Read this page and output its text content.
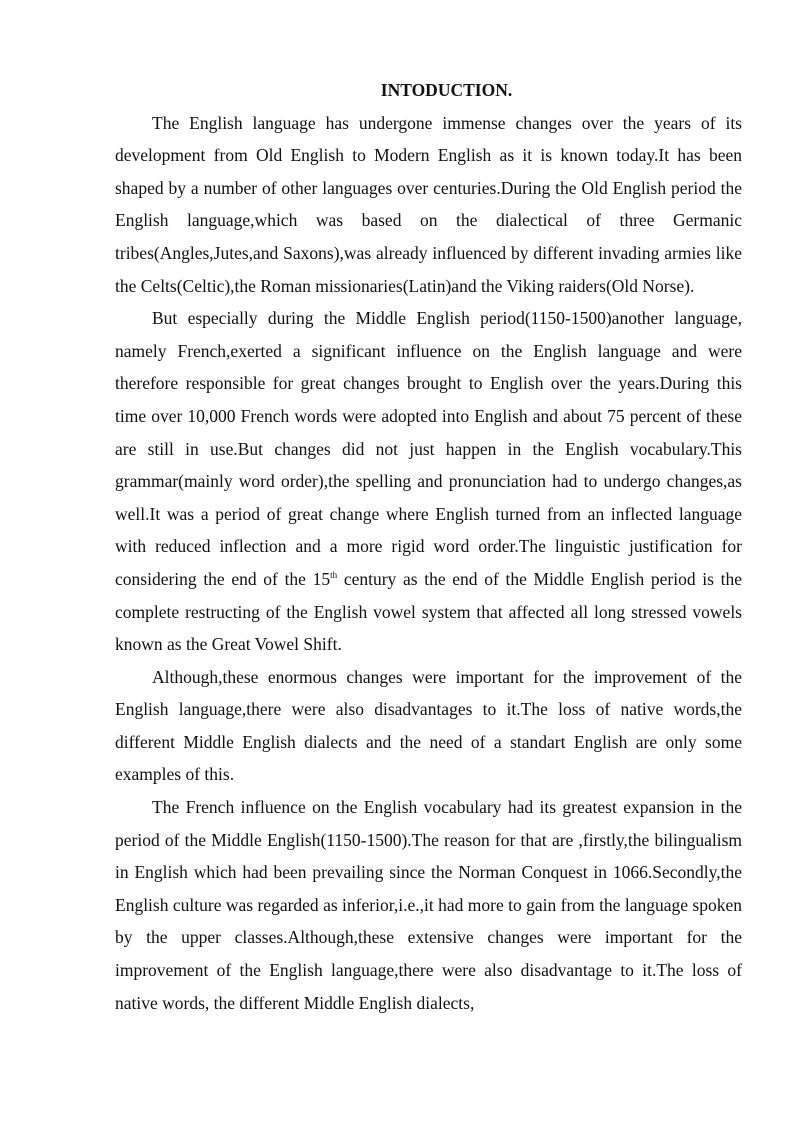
INTODUCTION.

The English language has undergone immense changes over the years of its development from Old English to Modern English as it is known today.It has been shaped by a number of other languages over centuries.During the Old English period the English language,which was based on the dialectical of three Germanic tribes(Angles,Jutes,and Saxons),was already influenced by different invading armies like the Celts(Celtic),the Roman missionaries(Latin)and the Viking raiders(Old Norse).

But especially during the Middle English period(1150-1500)another language, namely French,exerted a significant influence on the English language and were therefore responsible for great changes brought to English over the years.During this time over 10,000 French words were adopted into English and about 75 percent of these are still in use.But changes did not just happen in the English vocabulary.This grammar(mainly word order),the spelling and pronunciation had to undergo changes,as well.It was a period of great change where English turned from an inflected language with reduced inflection and a more rigid word order.The linguistic justification for considering the end of the 15th century as the end of the Middle English period is the complete restructing of the English vowel system that affected all long stressed vowels known as the Great Vowel Shift.

Although,these enormous changes were important for the improvement of the English language,there were also disadvantages to it.The loss of native words,the different Middle English dialects and the need of a standart English are only some examples of this.

The French influence on the English vocabulary had its greatest expansion in the period of the Middle English(1150-1500).The reason for that are ,firstly,the bilingualism in English which had been prevailing since the Norman Conquest in 1066.Secondly,the English culture was regarded as inferior,i.e.,it had more to gain from the language spoken by the upper classes.Although,these extensive changes were important for the improvement of the English language,there were also disadvantage to it.The loss of native words, the different Middle English dialects,
